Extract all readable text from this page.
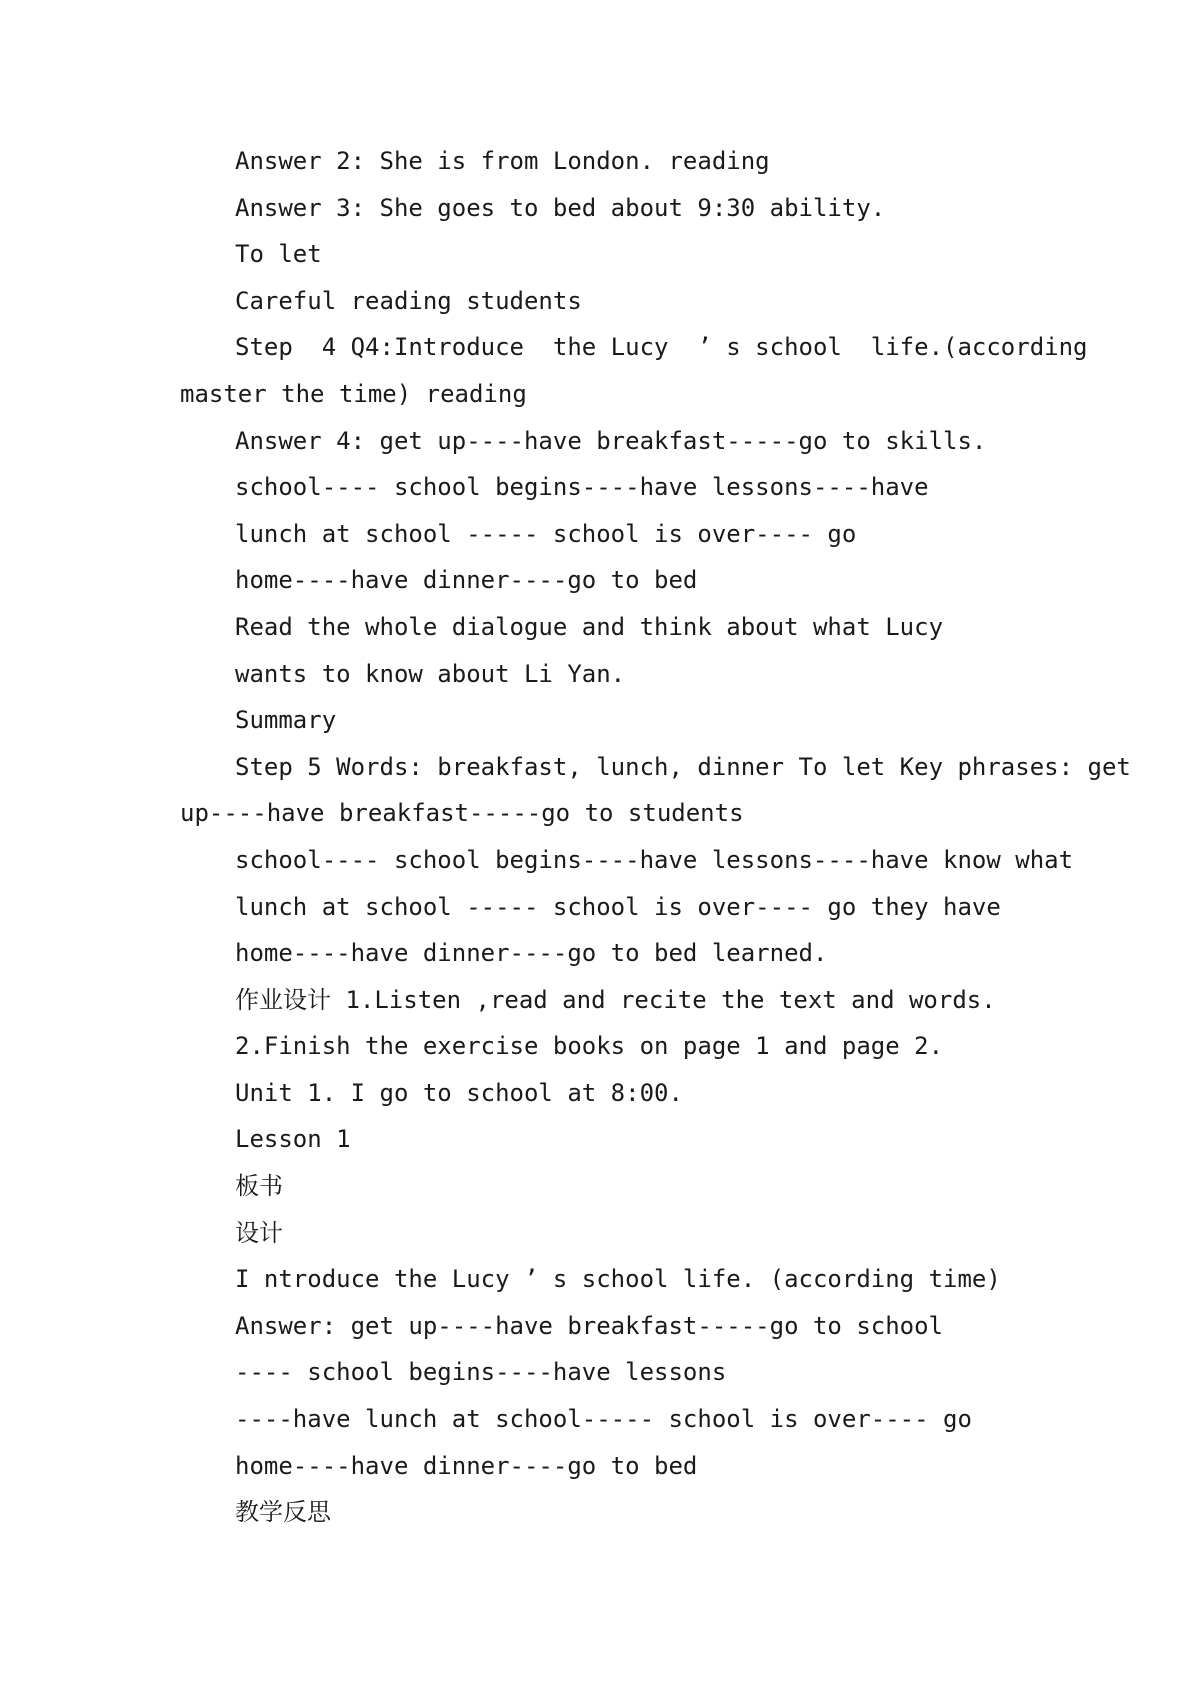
Answer 2: She is from London. reading
Answer 3: She goes to bed about 9:30 ability.
To let
Careful reading students
Step  4 Q4:Introduce  the Lucy  ’ s school  life.(according
master the time) reading
Answer 4: get up----have breakfast-----go to skills.
school---- school begins----have lessons----have
lunch at school ----- school is over---- go
home----have dinner----go to bed
Read the whole dialogue and think about what Lucy
wants to know about Li Yan.
Summary
Step 5 Words: breakfast, lunch, dinner To let Key phrases: get
up----have breakfast-----go to students
school---- school begins----have lessons----have know what
lunch at school ----- school is over---- go they have
home----have dinner----go to bed learned.
作业设计 1.Listen ,read and recite the text and words.
2.Finish the exercise books on page 1 and page 2.
Unit 1. I go to school at 8:00.
Lesson 1
板书
设计
I ntroduce the Lucy ’ s school life. (according time)
Answer: get up----have breakfast-----go to school
---- school begins----have lessons
----have lunch at school----- school is over---- go
home----have dinner----go to bed
教学反思
